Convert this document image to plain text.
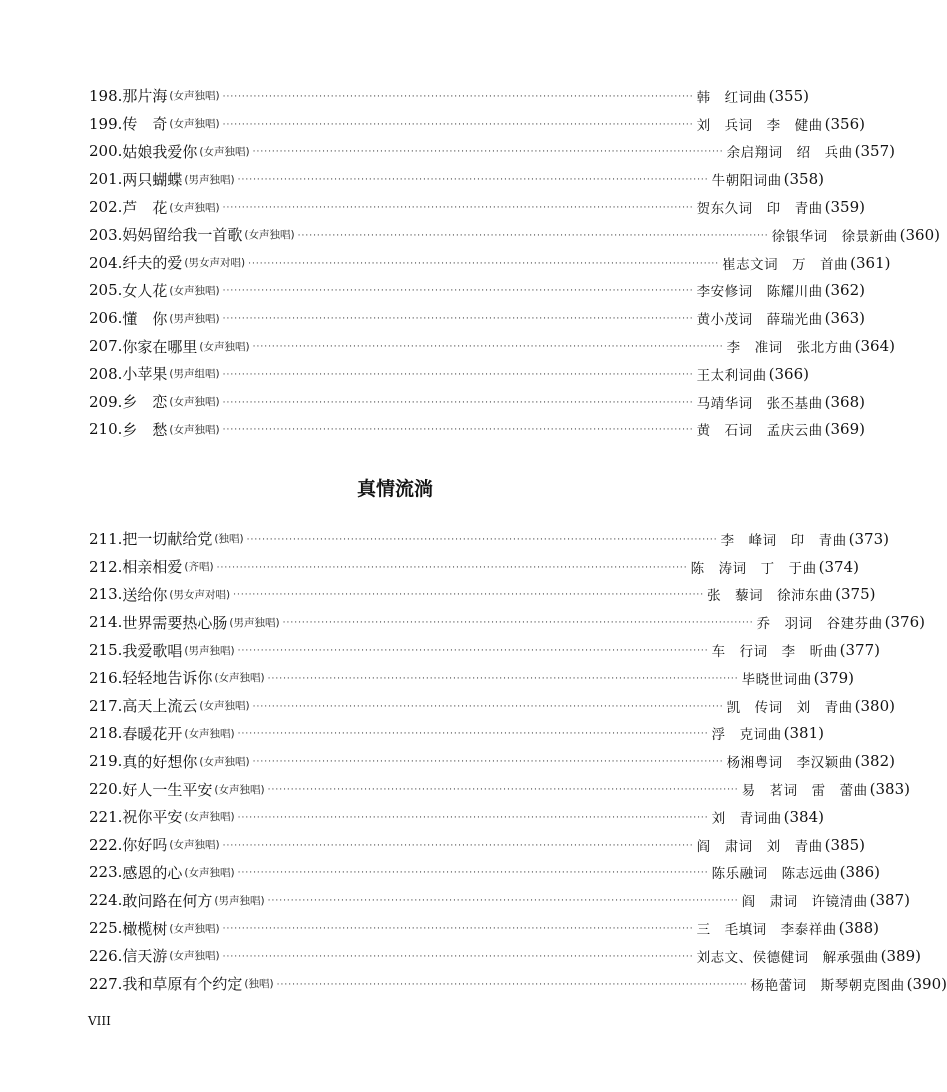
198. 那片海 (女声独唱) ·························································································································· 韩　红词曲 (355)
199. 传　奇 (女声独唱) ·························································································································· 刘　兵词　李　健曲 (356)
200. 姑娘我爱你 (女声独唱) ·························································································································· 余启翔词　绍　兵曲 (357)
201. 两只蝴蝶 (男声独唱) ·························································································································· 牛朝阳词曲 (358)
202. 芦　花 (女声独唱) ·························································································································· 贺东久词　印　青曲 (359)
203. 妈妈留给我一首歌 (女声独唱) ·························································································································· 徐银华词　徐景新曲 (360)
204. 纤夫的爱 (男女声对唱) ·························································································································· 崔志文词　万　首曲 (361)
205. 女人花 (女声独唱) ·························································································································· 李安修词　陈耀川曲 (362)
206. 懂　你 (男声独唱) ·························································································································· 黄小茂词　薛瑞光曲 (363)
207. 你家在哪里 (女声独唱) ·························································································································· 李　准词　张北方曲 (364)
208. 小苹果 (男声组唱) ·························································································································· 王太利词曲 (366)
209. 乡　恋 (女声独唱) ·························································································································· 马靖华词　张丕基曲 (368)
210. 乡　愁 (女声独唱) ·························································································································· 黄　石词　孟庆云曲 (369)
真情流淌
211. 把一切献给党 (独唱) ·························································································································· 李　峰词　印　青曲 (373)
212. 相亲相爱 (齐唱) ·························································································································· 陈　涛词　丁　于曲 (374)
213. 送给你 (男女声对唱) ·························································································································· 张　藜词　徐沛东曲 (375)
214. 世界需要热心肠 (男声独唱) ·························································································································· 乔　羽词　谷建芬曲 (376)
215. 我爱歌唱 (男声独唱) ·························································································································· 车　行词　李　昕曲 (377)
216. 轻轻地告诉你 (女声独唱) ·························································································································· 毕晓世词曲 (379)
217. 高天上流云 (女声独唱) ·························································································································· 凯　传词　刘　青曲 (380)
218. 春暖花开 (女声独唱) ·························································································································· 浮　克词曲 (381)
219. 真的好想你 (女声独唱) ·························································································································· 杨湘粤词　李汉颖曲 (382)
220. 好人一生平安 (女声独唱) ·························································································································· 易　茗词　雷　蕾曲 (383)
221. 祝你平安 (女声独唱) ·························································································································· 刘　青词曲 (384)
222. 你好吗 (女声独唱) ·························································································································· 阎　肃词　刘　青曲 (385)
223. 感恩的心 (女声独唱) ·························································································································· 陈乐融词　陈志远曲 (386)
224. 敢问路在何方 (男声独唱) ·························································································································· 阎　肃词　许镜清曲 (387)
225. 橄榄树 (女声独唱) ·························································································································· 三　毛填词　李泰祥曲 (388)
226. 信天游 (女声独唱) ·························································································································· 刘志文、侯德健词　解承强曲 (389)
227. 我和草原有个约定 (独唱) ·························································································································· 杨艳蕾词　斯琴朝克图曲 (390)
VIII
